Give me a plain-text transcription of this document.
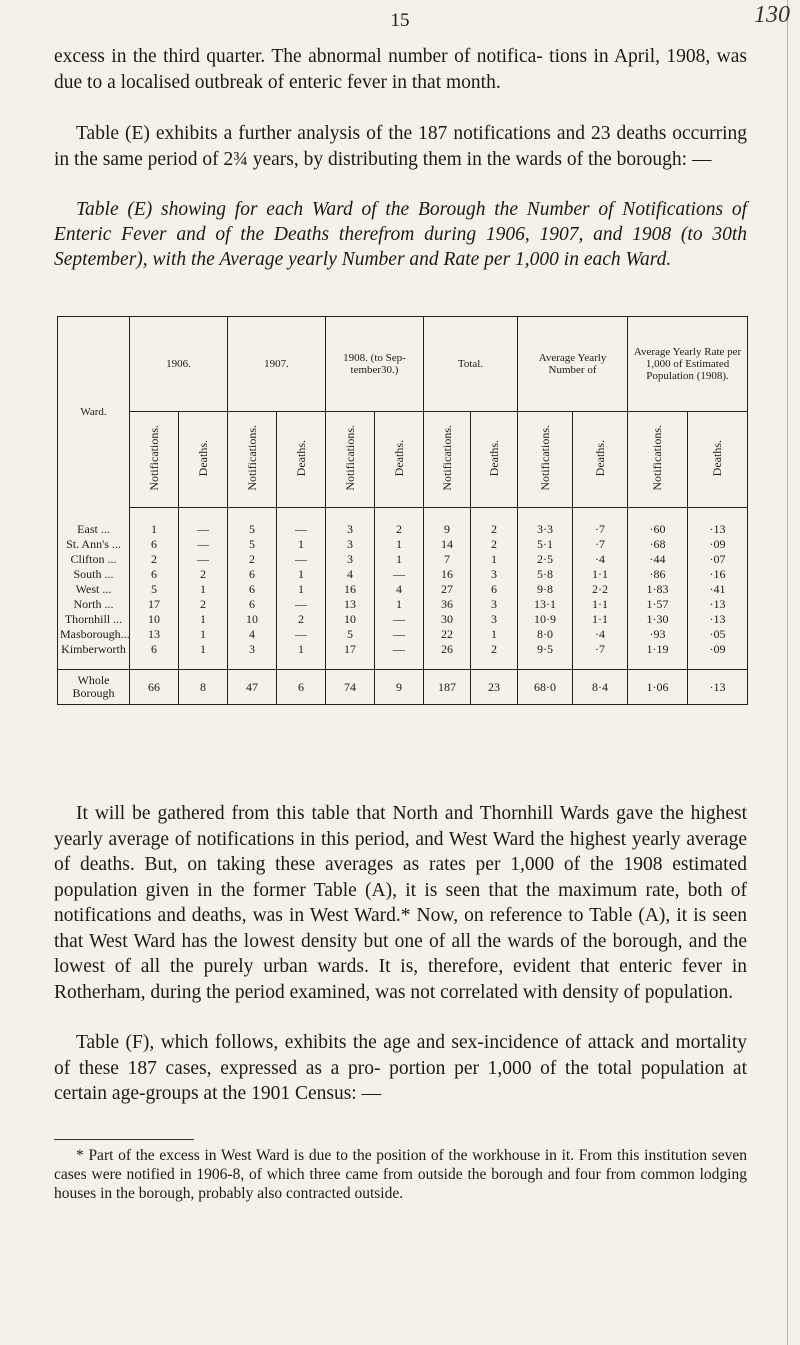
15	130

excess in the third quarter. The abnormal number of notifica- tions in April, 1908, was due to a localised outbreak of enteric fever in that month.

Table (E) exhibits a further analysis of the 187 notifications and 23 deaths occurring in the same period of 2¾ years, by distributing them in the wards of the borough: —

Table (E) showing for each Ward of the Borough the Number of Notifications of Enteric Fever and of the Deaths therefrom during 1906, 1907, and 1908 (to 30th September), with the Average yearly Number and Rate per 1,000 in each Ward.

Ward.	1906.		1907.		1908. (to Sep- tember30.)		Total.		Average Yearly Number of		Average Yearly Rate per 1,000 of Estimated Population (1908).	
	Notifications.	Deaths.	Notifications.	Deaths.	Notifications.	Deaths.	Notifications.	Deaths.	Notifications.	Deaths.	Notifications.	Deaths.
East ...	1	—	5	—	3	2	9	2	3·3	·7	·60	·13
St. Ann's ...	6	—	5	1	3	1	14	2	5·1	·7	·68	·09
Clifton ...	2	—	2	—	3	1	7	1	2·5	·4	·44	·07
South ...	6	2	6	1	4	—	16	3	5·8	1·1	·86	·16
West ...	5	1	6	1	16	4	27	6	9·8	2·2	1·83	·41
North ...	17	2	6	—	13	1	36	3	13·1	1·1	1·57	·13
Thornhill ...	10	1	10	2	10	—	30	3	10·9	1·1	1·30	·13
Masborough...	13	1	4	—	5	—	22	1	8·0	·4	·93	·05
Kimberworth	6	1	3	1	17	—	26	2	9·5	·7	1·19	·09
Whole Borough	66	8	47	6	74	9	187	23	68·0	8·4	1·06	·13

It will be gathered from this table that North and Thornhill Wards gave the highest yearly average of notifications in this period, and West Ward the highest yearly average of deaths. But, on taking these averages as rates per 1,000 of the 1908 estimated population given in the former Table (A), it is seen that the maximum rate, both of notifications and deaths, was in West Ward.* Now, on reference to Table (A), it is seen that West Ward has the lowest density but one of all the wards of the borough, and the lowest of all the purely urban wards. It is, therefore, evident that enteric fever in Rotherham, during the period examined, was not correlated with density of population.

Table (F), which follows, exhibits the age and sex-incidence of attack and mortality of these 187 cases, expressed as a pro- portion per 1,000 of the total population at certain age-groups at the 1901 Census: —

* Part of the excess in West Ward is due to the position of the workhouse in it. From this institution seven cases were notified in 1906-8, of which three came from outside the borough and four from common lodging houses in the borough, probably also contracted outside.
